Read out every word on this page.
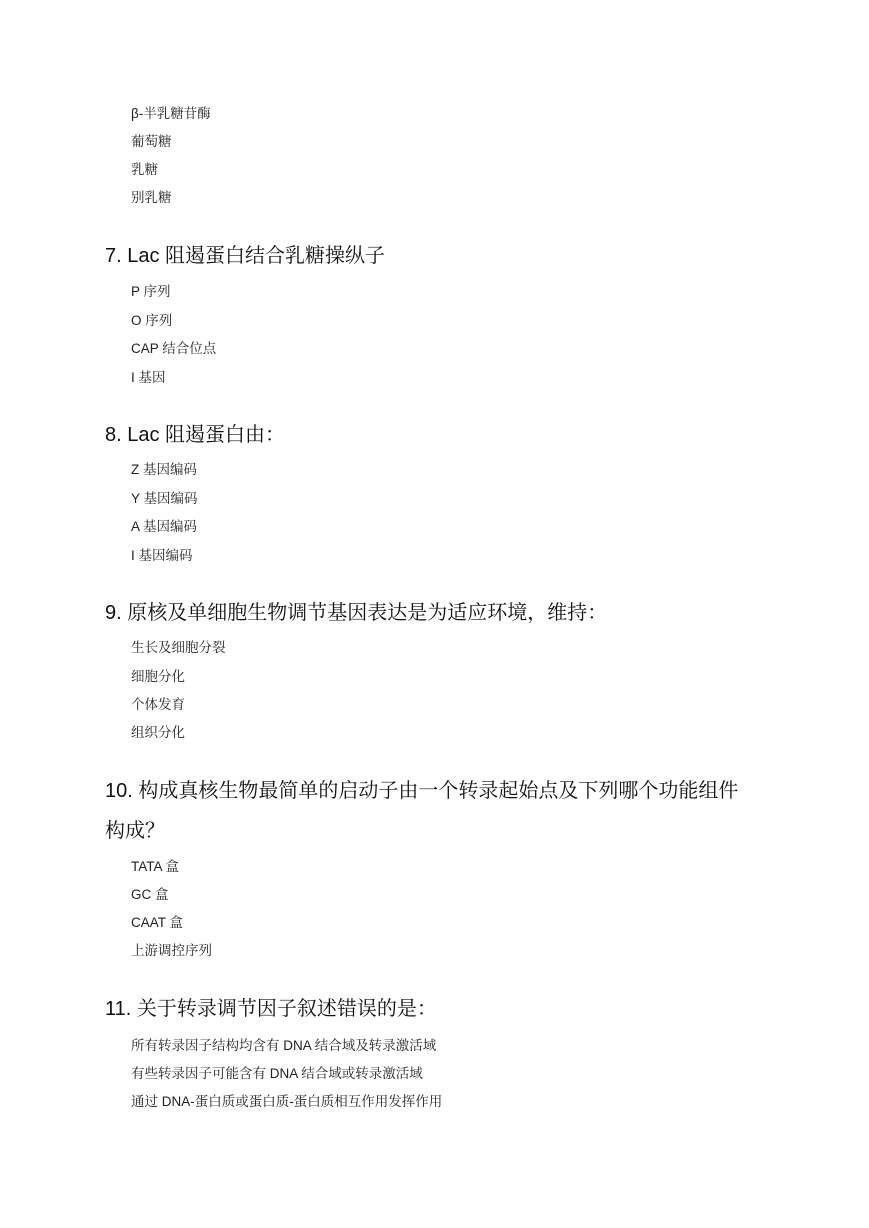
β-半乳糖苷酶
葡萄糖
乳糖
别乳糖
7. Lac 阻遏蛋白结合乳糖操纵子
P 序列
O 序列
CAP 结合位点
I 基因
8. Lac 阻遏蛋白由：
Z 基因编码
Y 基因编码
A 基因编码
I 基因编码
9. 原核及单细胞生物调节基因表达是为适应环境，维持：
生长及细胞分裂
细胞分化
个体发育
组织分化
10. 构成真核生物最简单的启动子由一个转录起始点及下列哪个功能组件
构成？
TATA 盒
GC 盒
CAAT 盒
上游调控序列
11. 关于转录调节因子叙述错误的是：
所有转录因子结构均含有 DNA 结合域及转录激活域
有些转录因子可能含有 DNA 结合域或转录激活域
通过 DNA-蛋白质或蛋白质-蛋白质相互作用发挥作用
